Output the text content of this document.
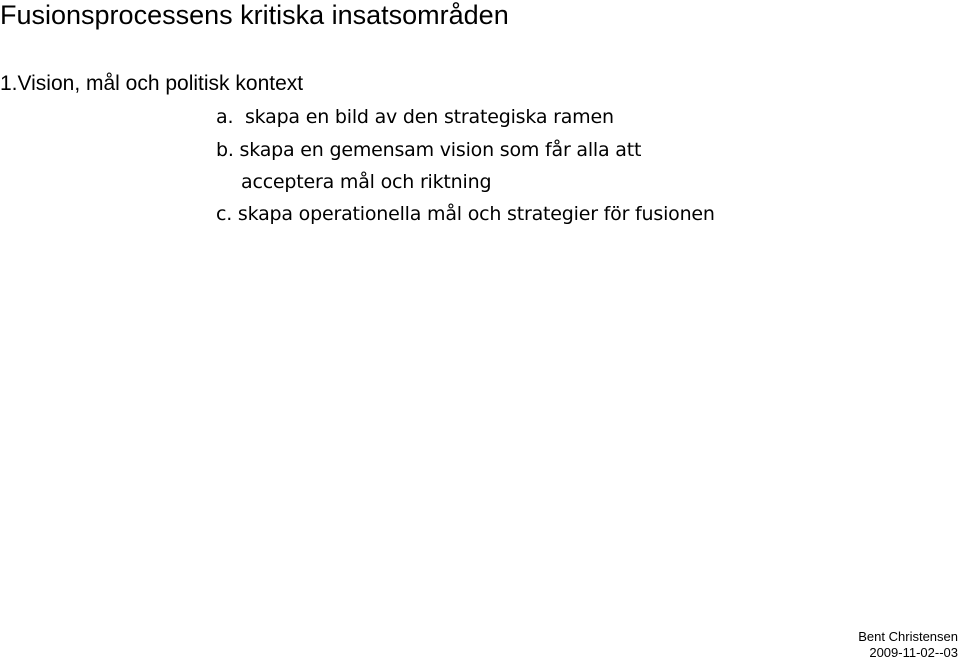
Fusionsprocessens kritiska insatsområden
1.Vision, mål och politisk kontext
a.  skapa en bild av den strategiska ramen
b. skapa en gemensam vision som får alla att
acceptera mål och riktning
c. skapa operationella mål och strategier för fusionen
Bent Christensen
2009-11-02--03
